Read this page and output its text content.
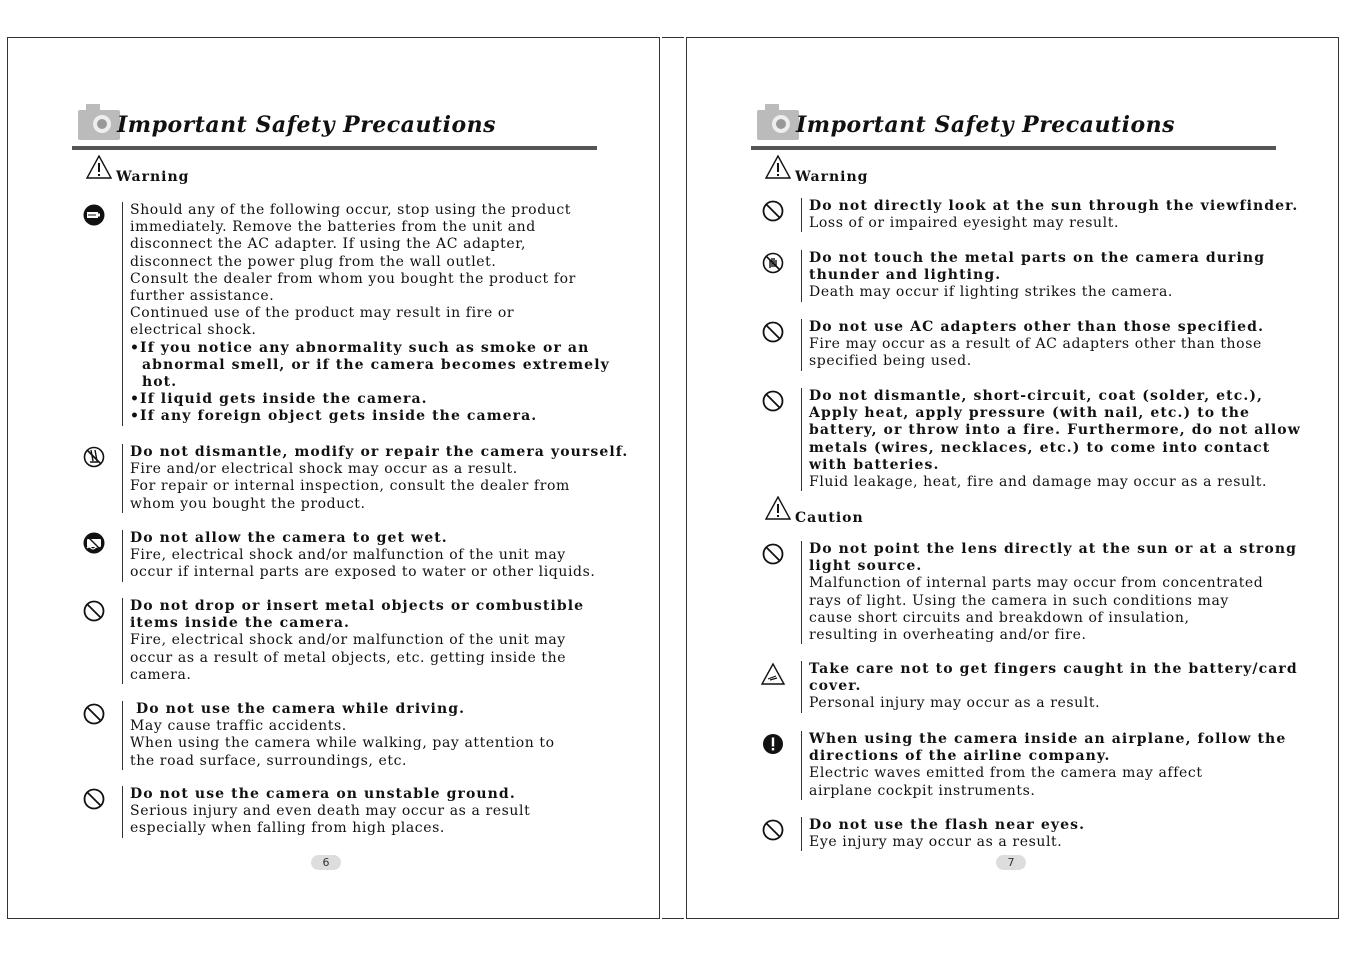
Important Safety Precautions
Warning
Should any of the following occur, stop using the product
immediately. Remove the batteries from the unit and
disconnect the AC adapter. If using the AC adapter,
disconnect the power plug from the wall outlet.
Consult the dealer from whom you bought the product for
further assistance.
Continued use of the product may result in fire or
electrical shock.
•If you notice any abnormality such as smoke or an
abnormal smell, or if the camera becomes extremely
hot.
•If liquid gets inside the camera.
•If any foreign object gets inside the camera.
Do not dismantle, modify or repair the camera yourself.
Fire and/or electrical shock may occur as a result.
For repair or internal inspection, consult the dealer from
whom you bought the product.
Do not allow the camera to get wet.
Fire, electrical shock and/or malfunction of the unit may
occur if internal parts are exposed to water or other liquids.
Do not drop or insert metal objects or combustible
items inside the camera.
Fire, electrical shock and/or malfunction of the unit may
occur as a result of metal objects, etc. getting inside the
camera.
Do not use the camera while driving.
May cause traffic accidents.
When using the camera while walking, pay attention to
the road surface, surroundings, etc.
Do not use the camera on unstable ground.
Serious injury and even death may occur as a result
especially when falling from high places.
6
Important Safety Precautions
Warning
Caution
Do not directly look at the sun through the viewfinder.
Loss of or impaired eyesight may result.
Do not touch the metal parts on the camera during
thunder and lighting.
Death may occur if lighting strikes the camera.
Do not use AC adapters other than those specified.
Fire may occur as a result of AC adapters other than those
specified being used.
Do not dismantle, short-circuit, coat (solder, etc.),
Apply heat, apply pressure (with nail, etc.) to the
battery, or throw into a fire. Furthermore, do not allow
metals (wires, necklaces, etc.) to come into contact
with batteries.
Fluid leakage, heat, fire and damage may occur as a result.
Do not point the lens directly at the sun or at a strong
light source.
Malfunction of internal parts may occur from concentrated
rays of light. Using the camera in such conditions may
cause short circuits and breakdown of insulation,
resulting in overheating and/or fire.
Take care not to get fingers caught in the battery/card
cover.
Personal injury may occur as a result.
When using the camera inside an airplane, follow the
directions of the airline company.
Electric waves emitted from the camera may affect
airplane cockpit instruments.
Do not use the flash near eyes.
Eye injury may occur as a result.
7
